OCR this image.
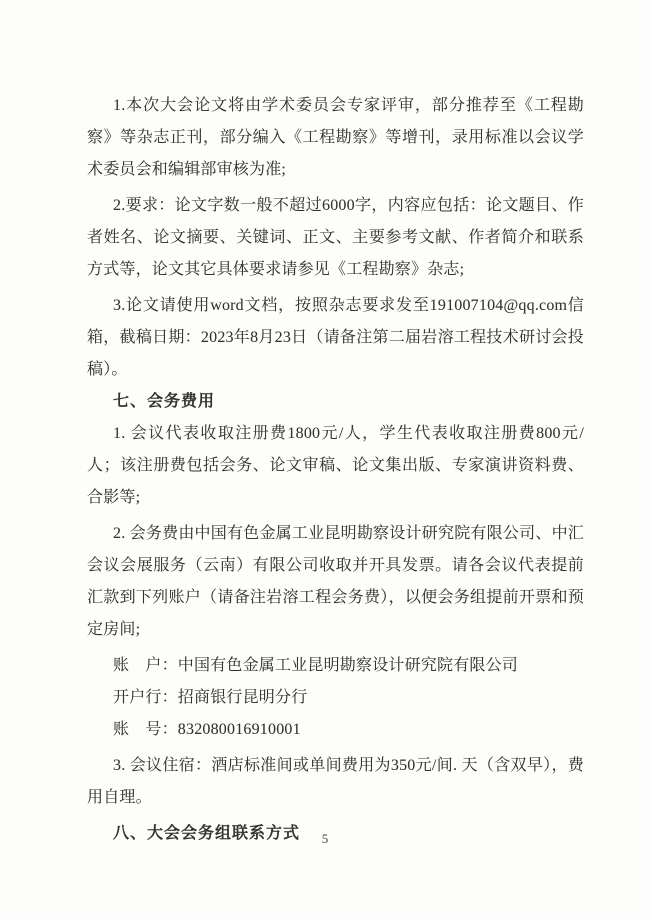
1.本次大会论文将由学术委员会专家评审，部分推荐至《工程勘察》等杂志正刊，部分编入《工程勘察》等增刊，录用标准以会议学术委员会和编辑部审核为准;

2.要求：论文字数一般不超过6000字，内容应包括：论文题目、作者姓名、论文摘要、关键词、正文、主要参考文献、作者简介和联系方式等，论文其它具体要求请参见《工程勘察》杂志;

3.论文请使用word文档，按照杂志要求发至191007104@qq.com信箱，截稿日期：2023年8月23日（请备注第二届岩溶工程技术研讨会投稿）。

七、会务费用

1. 会议代表收取注册费1800元/人，学生代表收取注册费800元/人；该注册费包括会务、论文审稿、论文集出版、专家演讲资料费、合影等;

2. 会务费由中国有色金属工业昆明勘察设计研究院有限公司、中汇会议会展服务（云南）有限公司收取并开具发票。请各会议代表提前汇款到下列账户（请备注岩溶工程会务费），以便会务组提前开票和预定房间;

账　户：中国有色金属工业昆明勘察设计研究院有限公司

开户行：招商银行昆明分行

账　号：832080016910001

3. 会议住宿：酒店标准间或单间费用为350元/间. 天（含双早），费用自理。

八、大会会务组联系方式	5
